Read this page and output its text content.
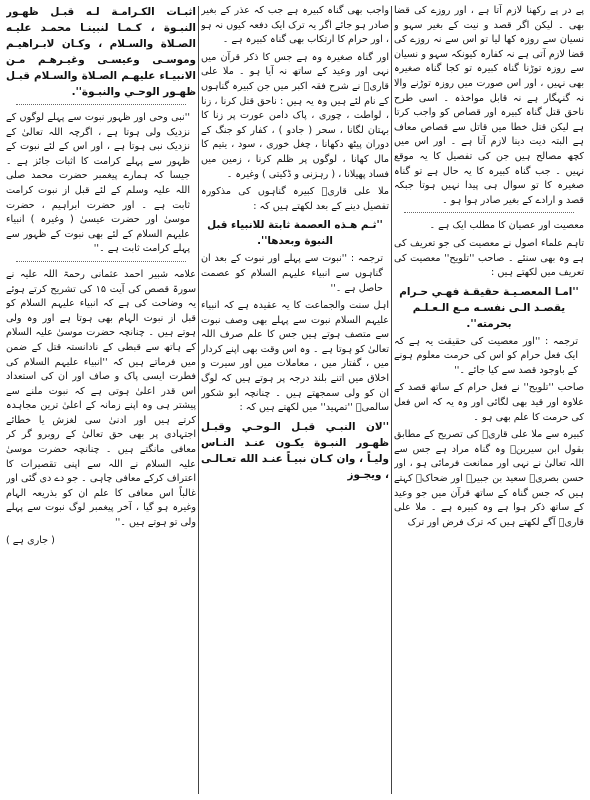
پے در پے رکھنا لازم آتا ہے ، اور روزے کی قضا بھی ۔ لیکن اگر قصد و نیت کے بغیر سہو و نسیان سے روزہ کھا لیا تو اس سے نہ روزے کی قضا لازم آتی ہے نہ کفارہ کیونکہ سہو و نسیان سے روزہ توڑنا گناہ کبیرہ تو کجا گناہ صغیرہ بھی نہیں ، اور اس صورت میں روزہ توڑنے والا نہ گنہگار ہے نہ قابل مواخذہ ۔ اسی طرح ناحق قتل گناہ کبیرہ اور قصاص کو واجب کرتا ہے لیکن قتل خطا میں قاتل سے قصاص معاف ہے البتہ دیت دینا لازم آتا ہے ۔ اور اس میں کچھ مصالح ہیں جن کی تفصیل کا یہ موقع نہیں ۔ جب گناہ کبیرہ کا یہ حال ہے تو گناہ صغیرہ کا تو سوال ہی پیدا نہیں ہوتا جبکہ قصد و ارادے کے بغیر صادر ہوا ہو ۔

معصیت اور عصیان کا مطلب ایک ہے ۔

تاہم علماء اصول نے معصیت کی جو تعریف کی ہے وہ بھی سنئے ۔ صاحب ''تلویح'' معصیت کی تعریف میں لکھتے ہیں :

''امـا المعصـيـة حقيقـة فهـي حـرام يقصـد الـى نفسـه مـع الـعـلـم بحرمته''.

ترجمہ : ''اور معصیت کی حقیقت یہ ہے کہ ایک فعل حرام کو اس کی حرمت معلوم ہونے کے باوجود قصد سے کیا جائے ۔''

صاحب ''تلویح'' نے فعل حرام کے ساتھ قصد کے علاوہ اور قید بھی لگائی اور وہ یہ کہ اس فعل کی حرمت کا علم بھی ہو ۔

کبیرہ سے ملا علی قاریؒ کی تصریح کے مطابق بقول ابن سیرینؒ وہ گناہ مراد ہے جس سے اللہ تعالیٰ نے نہی اور ممانعت فرمائی ہو ، اور حسن بصریؒ سعید بن جبیرؒ اور ضحاکؒ کہتے ہیں کہ جس گناہ کے ساتھ قرآن میں جو وعید کے ساتھ ذکر ہوا ہے وہ کبیرہ ہے ۔ ملا علی قاریؒ آگے لکھتے ہیں کہ ترک فرض اور ترک

واجب بھی گناہ کبیرہ ہے جب کہ عذر کے بغیر صادر ہو جائے اگر یہ ترک ایک دفعہ کیوں نہ ہو ، اور حرام کا ارتکاب بھی گناہ کبیرہ ہے ۔

اور گناہ صغیرہ وہ ہے جس کا ذکر قرآن میں نہی اور وعید کے ساتھ نہ آیا ہو ۔ ملا علی قاریؒ نے شرح فقہ اکبر میں جن کبیرہ گناہوں کے نام لئے ہیں وہ یہ ہیں : ناحق قتل کرنا ، زنا ، لواطت ، چوری ، پاک دامن عورت پر زنا کا بہتان لگانا ، سحر ( جادو ) ، کفار کو جنگ کے دوران پیٹھ دکھانا ، چغل خوری ، سود ، یتیم کا مال کھانا ، لوگوں پر ظلم کرنا ، زمین میں فساد پھیلانا ، ( رہزنی و ڈکیتی ) وغیرہ ۔

ملا علی قاریؒ کبیرہ گناہوں کی مذکورہ تفصیل دینے کے بعد لکھتے ہیں کہ :

''ثـم هـذه العصمة ثابتة للانبياء قبل النبوة وبعدها''.

ترجمہ : ''نبوت سے پہلے اور نبوت کے بعد ان گناہوں سے انبیاء علیہم السلام کو عصمت حاصل ہے ۔''

اہل سنت والجماعت کا یہ عقیدہ ہے کہ انبیاء علیہم السلام نبوت سے پہلے بھی وصف نبوت سے متصف ہوتے ہیں جس کا علم صرف اللہ تعالیٰ کو ہوتا ہے ۔ وہ اس وقت بھی اپنے کردار میں ، گفتار میں ، معاملات میں اور سیرت و اخلاق میں اتنے بلند درجہ پر ہوتے ہیں کہ لوگ ان کو ولی سمجھتے ہیں ۔ چنانچہ ابو شکور سالمیؒ ''تمہید'' میں لکھتے ہیں کہ :

''لان النبـي قبـل الـوحـي وقبـل ظهـور النبـوة يكـون عنـد النـاس وليـاً ، وان كـان نبيـاً عنـد الله تعـالـى ، ويجـوز

اثبـات الكـرامـة لـه قبـل ظهـور النبـوة ، كـمـا لنبينـا محمـد عليـه الصـلاة والسـلام ، وكـان لابـراهيـم وموسـى وعيسـى وغيـرهـم مـن الانبيـاء عليهـم الصـلاة والسـلام قبـل ظهـور الوحـي والنبـوة''.

''نبی وحی اور ظہور نبوت سے پہلے لوگوں کے نزدیک ولی ہوتا ہے ، اگرچہ اللہ تعالیٰ کے نزدیک نبی ہوتا ہے ، اور اس کے لئے نبوت کے ظہور سے پہلے کرامت کا اثبات جائز ہے ۔ جیسا کہ ہمارے پیغمبر حضرت محمد صلی اللہ علیہ وسلم کے لئے قبل از نبوت کرامت ثابت ہے ۔ اور حضرت ابراہیم ، حضرت موسیٰ اور حضرت عیسیٰ ( وغیرہ ) انبیاء علیہم السلام کے لئے بھی نبوت کے ظہور سے پہلے کرامت ثابت ہے ۔''

علامہ شبیر احمد عثمانی رحمۃ اللہ علیہ نے سورۃ قصص کی آیت ۱۵ کی تشریح کرتے ہوئے یہ وضاحت کی ہے کہ انبیاء علیہم السلام کو قبل از نبوت الہام بھی ہوتا ہے اور وہ ولی ہوتے ہیں ۔ چنانچہ حضرت موسیٰ علیہ السلام کے ہاتھ سے قبطی کے نادانستہ قتل کے ضمن میں فرماتے ہیں کہ ''انبیاء علیہم السلام کی فطرت ایسی پاک و صاف اور ان کی استعداد اس قدر اعلیٰ ہوتی ہے کہ نبوت ملنے سے پیشتر ہی وہ اپنے زمانہ کے اعلیٰ ترین مجاہدہ کرتے ہیں اور ادنیٰ سی لغزش یا خطائے اجتہادی پر بھی حق تعالیٰ کے روبرو گر کر معافی مانگتے ہیں ۔ چنانچہ حضرت موسیٰ علیہ السلام نے اللہ سے اپنی تقصیرات کا اعتراف کرکے معافی چاہی ۔ جو دے دی گئی اور غالباً اس معافی کا علم ان کو بذریعہ الہام وغیرہ ہو گیا ، آخر پیغمبر لوگ نبوت سے پہلے ولی تو ہوتے ہیں ۔''

( جاری ہے )
